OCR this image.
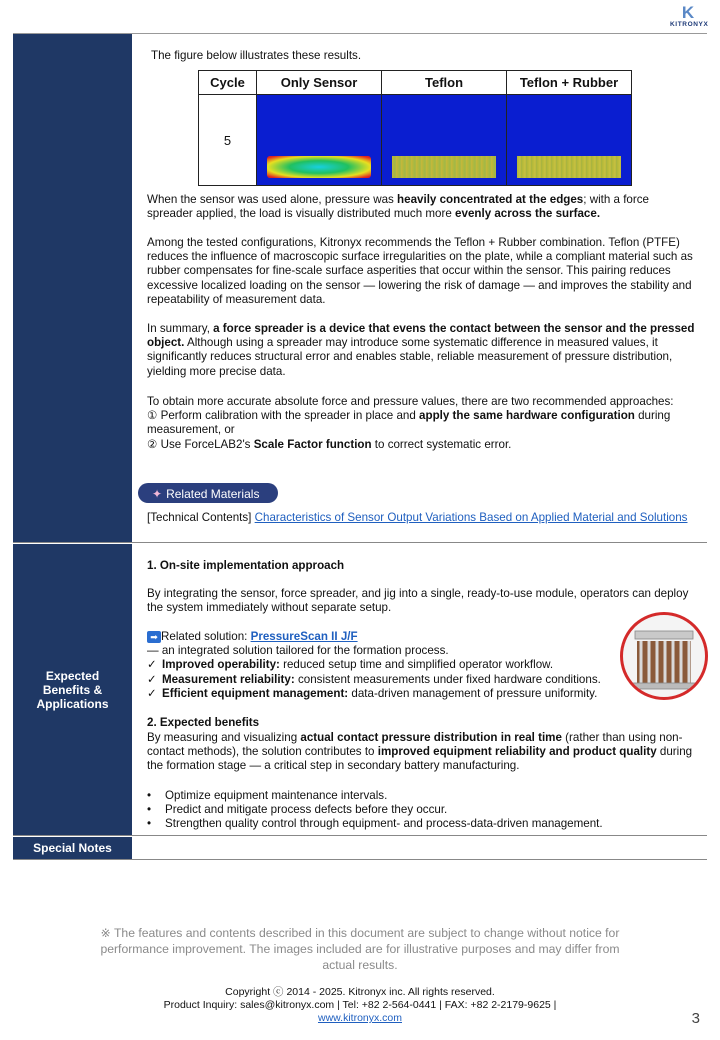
K
KITRONYX
Expected
Benefits &
Applications
Special Notes
The figure below illustrates these results.
Cycle	Only Sensor	Teflon	Teflon + Rubber
5	

When the sensor was used alone, pressure was heavily concentrated at the edges; with a force spreader applied, the load is visually distributed much more evenly across the surface.
Among the tested configurations, Kitronyx recommends the Teflon + Rubber combination. Teflon (PTFE) reduces the influence of macroscopic surface irregularities on the plate, while a compliant material such as rubber compensates for fine-scale surface asperities that occur within the sensor. This pairing reduces excessive localized loading on the sensor — lowering the risk of damage — and improves the stability and repeatability of measurement data.
In summary, a force spreader is a device that evens the contact between the sensor and the pressed object. Although using a spreader may introduce some systematic difference in measured values, it significantly reduces structural error and enables stable, reliable measurement of pressure distribution, yielding more precise data.

To obtain more accurate absolute force and pressure values, there are two recommended approaches:

① Perform calibration with the spreader in place and apply the same hardware configuration during measurement, or

② Use ForceLAB2's Scale Factor function to correct systematic error.

✦ Related Materials
[Technical Contents] Characteristics of Sensor Output Variations Based on Applied Material and Solutions
1. On-site implementation approach
By integrating the sensor, force spreader, and jig into a single, ready-to-use module, operators can deploy the system immediately without separate setup.

➡ Related solution: PressureScan II J/F

— an integrated solution tailored for the formation process.

✓ Improved operability: reduced setup time and simplified operator workflow.

✓ Measurement reliability: consistent measurements under fixed hardware conditions.

✓ Efficient equipment management: data-driven management of pressure uniformity.

2. Expected benefits
By measuring and visualizing actual contact pressure distribution in real time (rather than using non-contact methods), the solution contributes to improved equipment reliability and product quality during the formation stage — a critical step in secondary battery manufacturing.

• Optimize equipment maintenance intervals.

• Predict and mitigate process defects before they occur.

• Strengthen quality control through equipment- and process-data-driven management.

※ The features and contents described in this document are subject to change without notice for performance improvement. The images included are for illustrative purposes and may differ from actual results.
Copyright ⓒ 2014 - 2025. Kitronyx inc. All rights reserved.
Product Inquiry: sales@kitronyx.com | Tel: +82 2-564-0441 | FAX: +82 2-2179-9625 |
www.kitronyx.com	3
